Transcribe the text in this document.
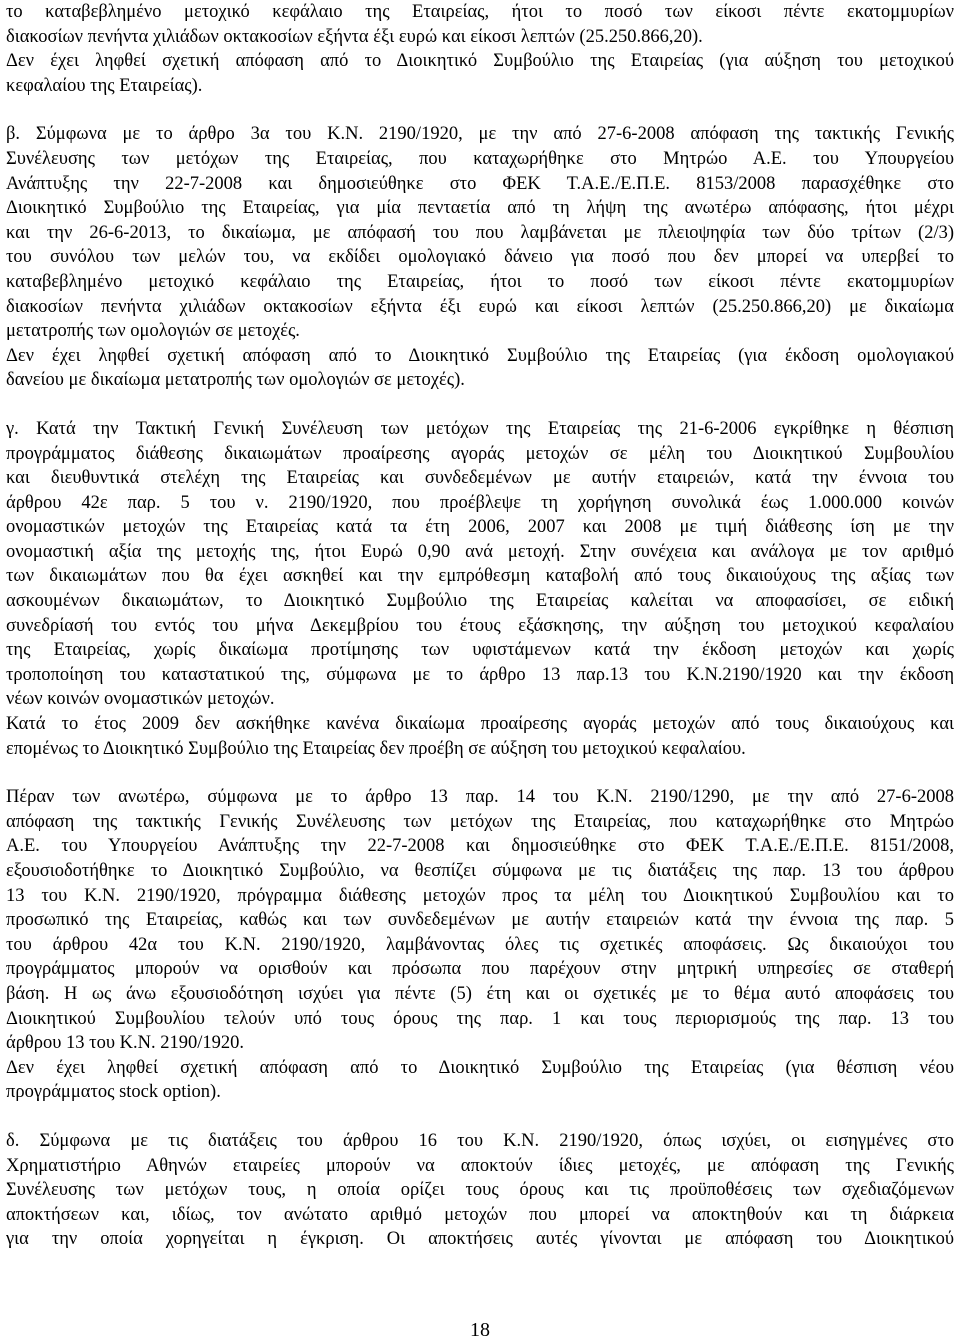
το καταβεβλημένο μετοχικό κεφάλαιο της Εταιρείας, ήτοι το ποσό των είκοσι πέντε εκατομμυρίων
διακοσίων πενήντα χιλιάδων οκτακοσίων εξήντα έξι ευρώ και είκοσι λεπτών (25.250.866,20).
Δεν έχει ληφθεί σχετική απόφαση από το Διοικητικό Συμβούλιο της Εταιρείας (για αύξηση του μετοχικού
κεφαλαίου της Εταιρείας).

β. Σύμφωνα με το άρθρο 3α του Κ.Ν. 2190/1920, με την από 27-6-2008 απόφαση της τακτικής Γενικής
Συνέλευσης των μετόχων της Εταιρείας, που καταχωρήθηκε στο Μητρώο Α.Ε. του Υπουργείου
Ανάπτυξης την 22-7-2008 και δημοσιεύθηκε στο ΦΕΚ Τ.Α.Ε./Ε.Π.Ε. 8153/2008 παρασχέθηκε στο
Διοικητικό Συμβούλιο της Εταιρείας, για μία πενταετία από τη λήψη της ανωτέρω απόφασης, ήτοι μέχρι
και την 26-6-2013, το δικαίωμα, με απόφασή του που λαμβάνεται με πλειοψηφία των δύο τρίτων (2/3)
του συνόλου των μελών του, να εκδίδει ομολογιακό δάνειο για ποσό που δεν μπορεί να υπερβεί το
καταβεβλημένο μετοχικό κεφάλαιο της Εταιρείας, ήτοι το ποσό των είκοσι πέντε εκατομμυρίων
διακοσίων πενήντα χιλιάδων οκτακοσίων εξήντα έξι ευρώ και είκοσι λεπτών (25.250.866,20) με δικαίωμα
μετατροπής των ομολογιών σε μετοχές.
Δεν έχει ληφθεί σχετική απόφαση από το Διοικητικό Συμβούλιο της Εταιρείας (για έκδοση ομολογιακού
δανείου με δικαίωμα μετατροπής των ομολογιών σε μετοχές).

γ. Κατά την Τακτική Γενική Συνέλευση των μετόχων της Εταιρείας της 21-6-2006 εγκρίθηκε η θέσπιση
προγράμματος διάθεσης δικαιωμάτων προαίρεσης αγοράς μετοχών σε μέλη του Διοικητικού Συμβουλίου
και διευθυντικά στελέχη της Εταιρείας και συνδεδεμένων με αυτήν εταιρειών, κατά την έννοια του
άρθρου 42ε παρ. 5 του ν. 2190/1920, που προέβλεψε τη χορήγηση συνολικά έως 1.000.000 κοινών
ονομαστικών μετοχών της Εταιρείας κατά τα έτη 2006, 2007 και 2008 με τιμή διάθεσης ίση με την
ονομαστική αξία της μετοχής της, ήτοι Ευρώ 0,90 ανά μετοχή. Στην συνέχεια και ανάλογα με τον αριθμό
των δικαιωμάτων που θα έχει ασκηθεί και την εμπρόθεσμη καταβολή από τους δικαιούχους της αξίας των
ασκουμένων δικαιωμάτων, το Διοικητικό Συμβούλιο της Εταιρείας καλείται να αποφασίσει, σε ειδική
συνεδρίασή του εντός του μήνα Δεκεμβρίου του έτους εξάσκησης, την αύξηση του μετοχικού κεφαλαίου
της Εταιρείας, χωρίς δικαίωμα προτίμησης των υφιστάμενων κατά την έκδοση μετοχών και χωρίς
τροποποίηση του καταστατικού της, σύμφωνα με το άρθρο 13 παρ.13 του Κ.Ν.2190/1920 και την έκδοση
νέων κοινών ονομαστικών μετοχών.
Κατά το έτος 2009 δεν ασκήθηκε κανένα δικαίωμα προαίρεσης αγοράς μετοχών από τους δικαιούχους και
επομένως το Διοικητικό Συμβούλιο της Εταιρείας δεν προέβη σε αύξηση του μετοχικού κεφαλαίου.

Πέραν των ανωτέρω, σύμφωνα με το άρθρο 13 παρ. 14 του Κ.Ν. 2190/1290, με την από 27-6-2008
απόφαση της τακτικής Γενικής Συνέλευσης των μετόχων της Εταιρείας, που καταχωρήθηκε στο Μητρώο
Α.Ε. του Υπουργείου Ανάπτυξης την 22-7-2008 και δημοσιεύθηκε στο ΦΕΚ Τ.Α.Ε./Ε.Π.Ε. 8151/2008,
εξουσιοδοτήθηκε το Διοικητικό Συμβούλιο, να θεσπίζει σύμφωνα με τις διατάξεις της παρ. 13 του άρθρου
13 του Κ.Ν. 2190/1920, πρόγραμμα διάθεσης μετοχών προς τα μέλη του Διοικητικού Συμβουλίου και το
προσωπικό της Εταιρείας, καθώς και των συνδεδεμένων με αυτήν εταιρειών κατά την έννοια της παρ. 5
του άρθρου 42α του Κ.Ν. 2190/1920, λαμβάνοντας όλες τις σχετικές αποφάσεις. Ως δικαιούχοι του
προγράμματος μπορούν να ορισθούν και πρόσωπα που παρέχουν στην μητρική υπηρεσίες σε σταθερή
βάση. Η ως άνω εξουσιοδότηση ισχύει για πέντε (5) έτη και οι σχετικές με το θέμα αυτό αποφάσεις του
Διοικητικού Συμβουλίου τελούν υπό τους όρους της παρ. 1 και τους περιορισμούς της παρ. 13 του
άρθρου 13 του Κ.Ν. 2190/1920.
Δεν έχει ληφθεί σχετική απόφαση από το Διοικητικό Συμβούλιο της Εταιρείας (για θέσπιση νέου
προγράμματος stock option).

δ. Σύμφωνα με τις διατάξεις του άρθρου 16 του Κ.Ν. 2190/1920, όπως ισχύει, οι εισηγμένες στο
Χρηματιστήριο Αθηνών εταιρείες μπορούν να αποκτούν ίδιες μετοχές, με απόφαση της Γενικής
Συνέλευσης των μετόχων τους, η οποία ορίζει τους όρους και τις προϋποθέσεις των σχεδιαζόμενων
αποκτήσεων και, ιδίως, τον ανώτατο αριθμό μετοχών που μπορεί να αποκτηθούν και τη διάρκεια
για την οποία χορηγείται η έγκριση. Οι αποκτήσεις αυτές γίνονται με απόφαση του Διοικητικού

18
